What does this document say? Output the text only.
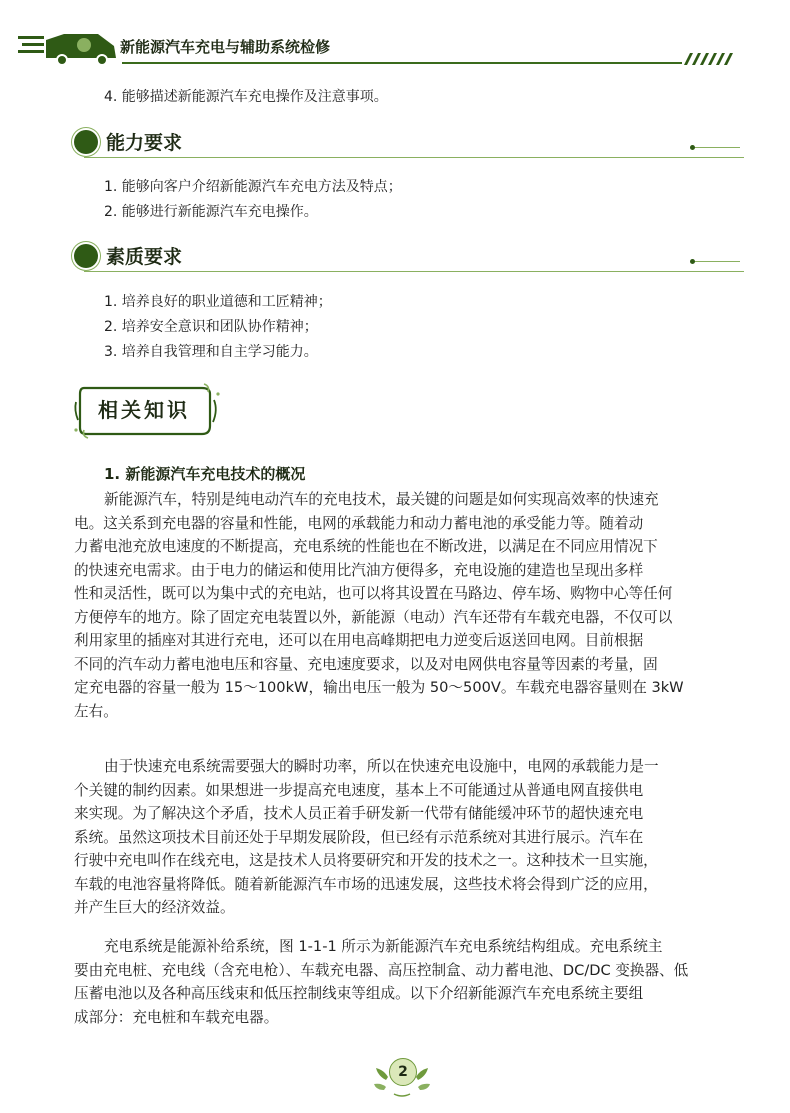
新能源汽车充电与辅助系统检修
4. 能够描述新能源汽车充电操作及注意事项。
能力要求
1. 能够向客户介绍新能源汽车充电方法及特点；
2. 能够进行新能源汽车充电操作。
素质要求
1. 培养良好的职业道德和工匠精神；
2. 培养安全意识和团队协作精神；
3. 培养自我管理和自主学习能力。
相关知识
1. 新能源汽车充电技术的概况
新能源汽车，特别是纯电动汽车的充电技术，最关键的问题是如何实现高效率的快速充
电。这关系到充电器的容量和性能，电网的承载能力和动力蓄电池的承受能力等。随着动
力蓄电池充放电速度的不断提高，充电系统的性能也在不断改进，以满足在不同应用情况下
的快速充电需求。由于电力的储运和使用比汽油方便得多，充电设施的建造也呈现出多样
性和灵活性，既可以为集中式的充电站，也可以将其设置在马路边、停车场、购物中心等任何
方便停车的地方。除了固定充电装置以外，新能源（电动）汽车还带有车载充电器，不仅可以
利用家里的插座对其进行充电，还可以在用电高峰期把电力逆变后返送回电网。目前根据
不同的汽车动力蓄电池电压和容量、充电速度要求，以及对电网供电容量等因素的考量，固
定充电器的容量一般为 15～100kW，输出电压一般为 50～500V。车载充电器容量则在 3kW
左右。
由于快速充电系统需要强大的瞬时功率，所以在快速充电设施中，电网的承载能力是一
个关键的制约因素。如果想进一步提高充电速度，基本上不可能通过从普通电网直接供电
来实现。为了解决这个矛盾，技术人员正着手研发新一代带有储能缓冲环节的超快速充电
系统。虽然这项技术目前还处于早期发展阶段，但已经有示范系统对其进行展示。汽车在
行驶中充电叫作在线充电，这是技术人员将要研究和开发的技术之一。这种技术一旦实施，
车载的电池容量将降低。随着新能源汽车市场的迅速发展，这些技术将会得到广泛的应用，
并产生巨大的经济效益。
充电系统是能源补给系统，图 1-1-1 所示为新能源汽车充电系统结构组成。充电系统主
要由充电桩、充电线（含充电枪）、车载充电器、高压控制盒、动力蓄电池、DC/DC 变换器、低
压蓄电池以及各种高压线束和低压控制线束等组成。以下介绍新能源汽车充电系统主要组
成部分：充电桩和车载充电器。
2
